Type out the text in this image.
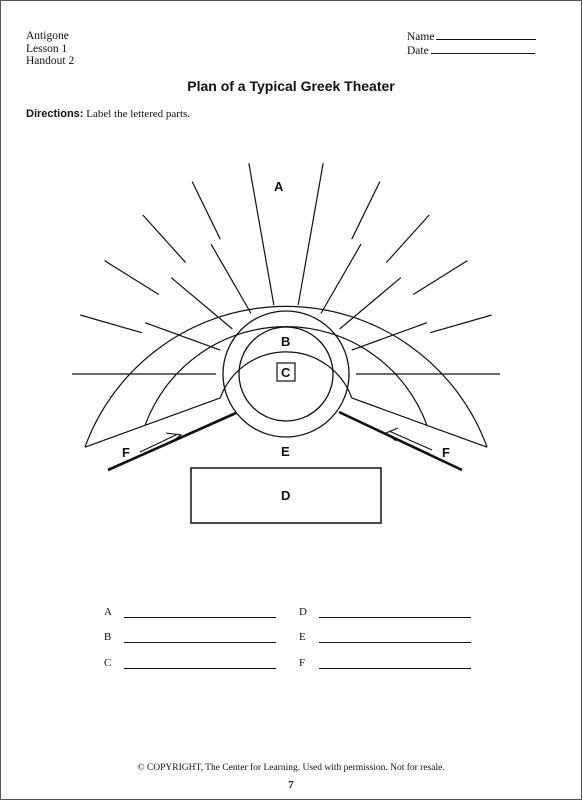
Antigone
Lesson 1
Handout 2
Name
Date
Plan of a Typical Greek Theater
Directions: Label the lettered parts.
A
B
C
E
D
F	F
A
B
C
D
E
F
© COPYRIGHT, The Center for Learning. Used with permission. Not for resale.
7
